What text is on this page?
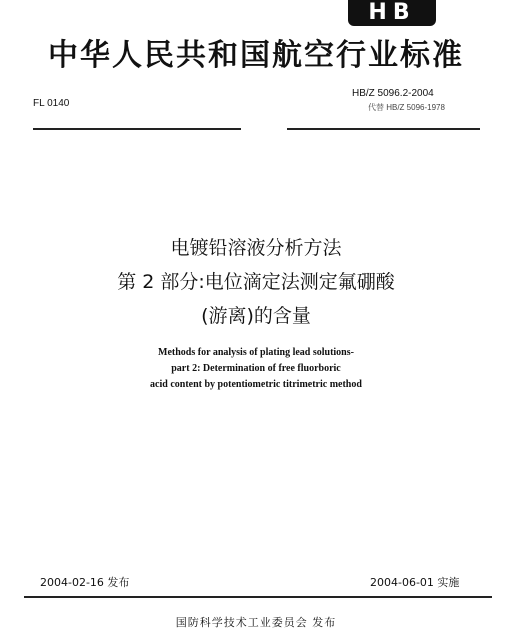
HB
中华人民共和国航空行业标准
FL 0140
HB/Z 5096.2-2004
代替 HB/Z 5096-1978
电镀铅溶液分析方法
第 2 部分:电位滴定法测定氟硼酸
(游离)的含量
Methods for analysis of plating lead solutions-
part 2: Determination of free fluorboric
acid content by potentiometric titrimetric method
2004-02-16 发布	2004-06-01 实施
国防科学技术工业委员会 发布
